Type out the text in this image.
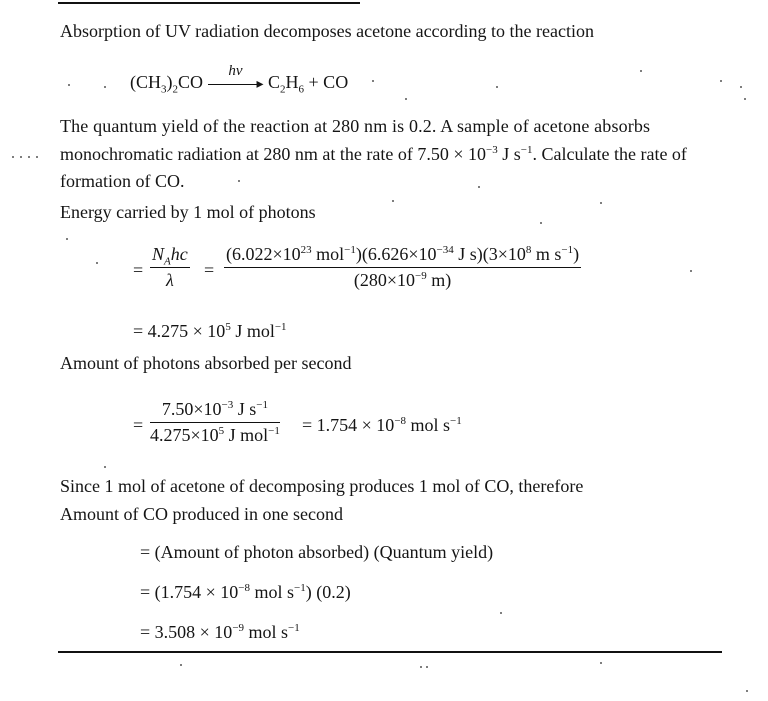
Absorption of UV radiation decomposes acetone according to the reaction
$(CH_3)_2CO$
hν
▸ $C_2H_6$ + CO
The quantum yield of the reaction at 280 nm is 0.2. A sample of acetone absorbs
monochromatic radiation at 280 nm at the rate of $7.50 \times 10^{-3}$ J $s^{-1}$. Calculate the rate of
formation of CO.
Energy carried by 1 mol of photons
=
$N_Ahc$
λ	=
($6.022\times 10^{23}$ $mol^{-1})(6.626\times 10^{-34}$ J $s)(3\times 10^8$ m $s^{-1}$)
($280\times 10^{-9}$ m)
= $4.275 \times 10^5$ J mol$^{-1}$
Amount of photons absorbed per second
=
$7.50\times 10^{-3}$ J $s^{-1}$
$4.275\times 10^5$ J $mol^{-1} = 1.754 \times 10^{-8}$ mol $s^{-1}$
Since 1 mol of acetone of decomposing produces 1 mol of CO, therefore
Amount of CO produced in one second
= (Amount of photon absorbed) (Quantum yield)
= ($1.754 \times 10^{-8}$ mol $s^{-1}$) (0.2)
= $3.508 \times 10^{-9}$ mol $s^{-1}$
